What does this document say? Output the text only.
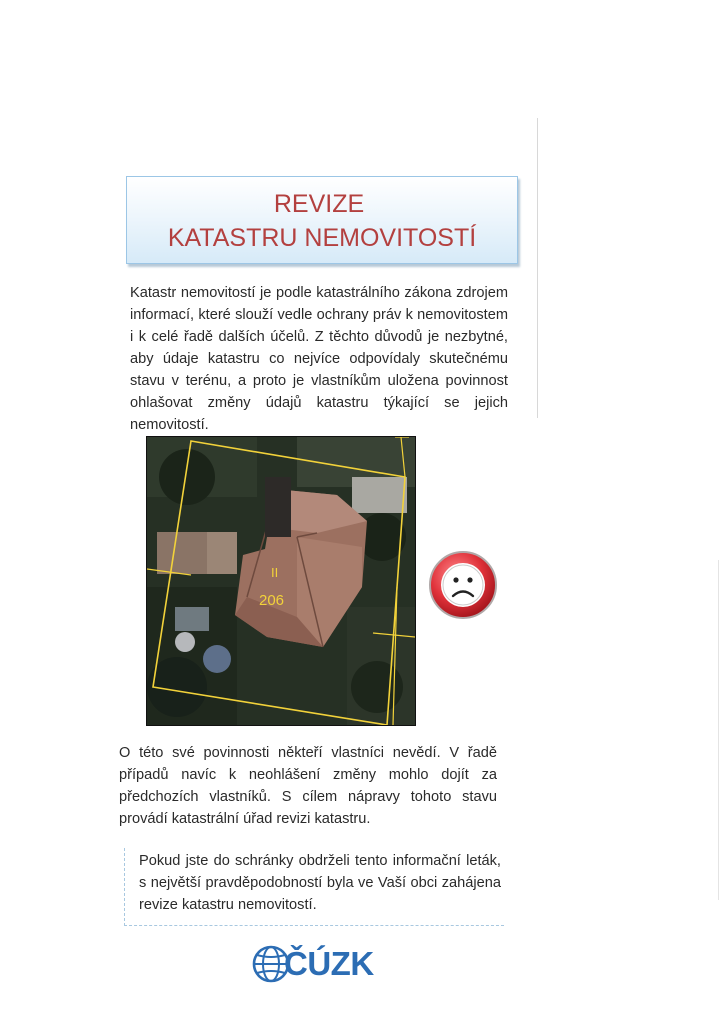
REVIZE
KATASTRU NEMOVITOSTÍ
Katastr nemovitostí je podle katastrálního zákona zdrojem informací, které slouží vedle ochrany práv k nemovitostem i k celé řadě dalších účelů. Z těchto důvodů je nezbytné, aby údaje katastru co nejvíce odpovídaly skutečnému stavu v terénu, a proto je vlastníkům uložena povinnost ohlašovat změny údajů katastru týkající se jejich nemovitostí.
II
206
O této své povinnosti někteří vlastníci nevědí. V řadě případů navíc k neohlášení změny mohlo dojít za předchozích vlastníků. S cílem nápravy tohoto stavu provádí katastrální úřad revizi katastru.
Pokud jste do schránky obdrželi tento informační leták, s největší pravděpodobností byla ve Vaší obci zahájena revize katastru nemovitostí.
ČÚZK
